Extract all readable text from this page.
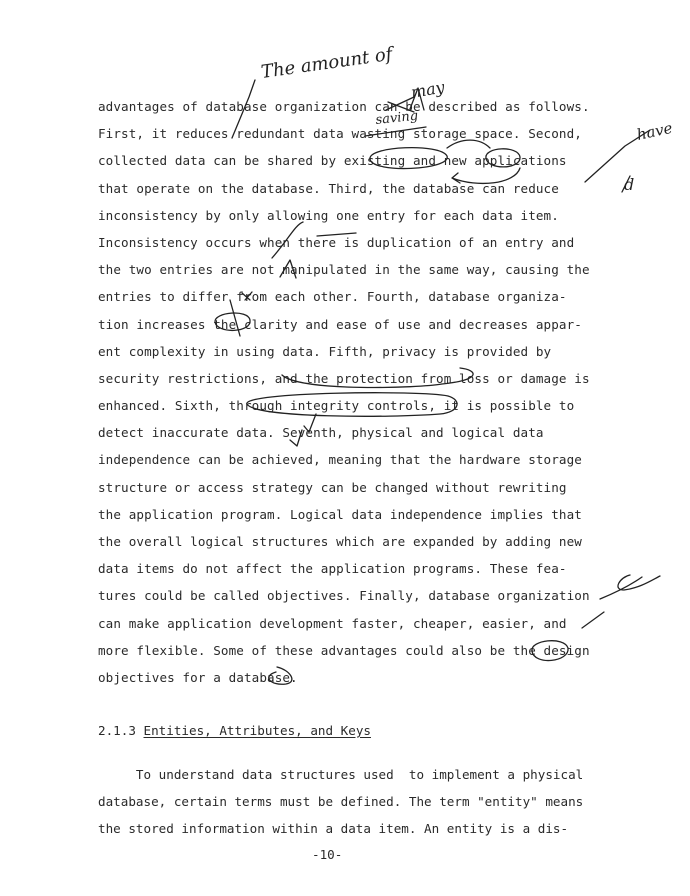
advantages of database organization can be described as follows.
First, it reduces redundant data wasting storage space. Second,
collected data can be shared by existing and new applications
that operate on the database. Third, the database can reduce
inconsistency by only allowing one entry for each data item.
Inconsistency occurs when there is duplication of an entry and
the two entries are not manipulated in the same way, causing the
entries to differ from each other. Fourth, database organiza-
tion increases the clarity and ease of use and decreases appar-
ent complexity in using data. Fifth, privacy is provided by
security restrictions, and the protection from loss or damage is
enhanced. Sixth, through integrity controls, it is possible to
detect inaccurate data. Seventh, physical and logical data
independence can be achieved, meaning that the hardware storage
structure or access strategy can be changed without rewriting
the application program. Logical data independence implies that
the overall logical structures which are expanded by adding new
data items do not affect the application programs. These fea-
tures could be called objectives. Finally, database organization
can make application development faster, cheaper, easier, and
more flexible. Some of these advantages could also be the design
objectives for a database.
2.1.3 Entities, Attributes, and Keys
To understand data structures used  to implement a physical
database, certain terms must be defined. The term "entity" means
the stored information within a data item. An entity is a dis-
-10-
The amount of
may
saving
have
d
